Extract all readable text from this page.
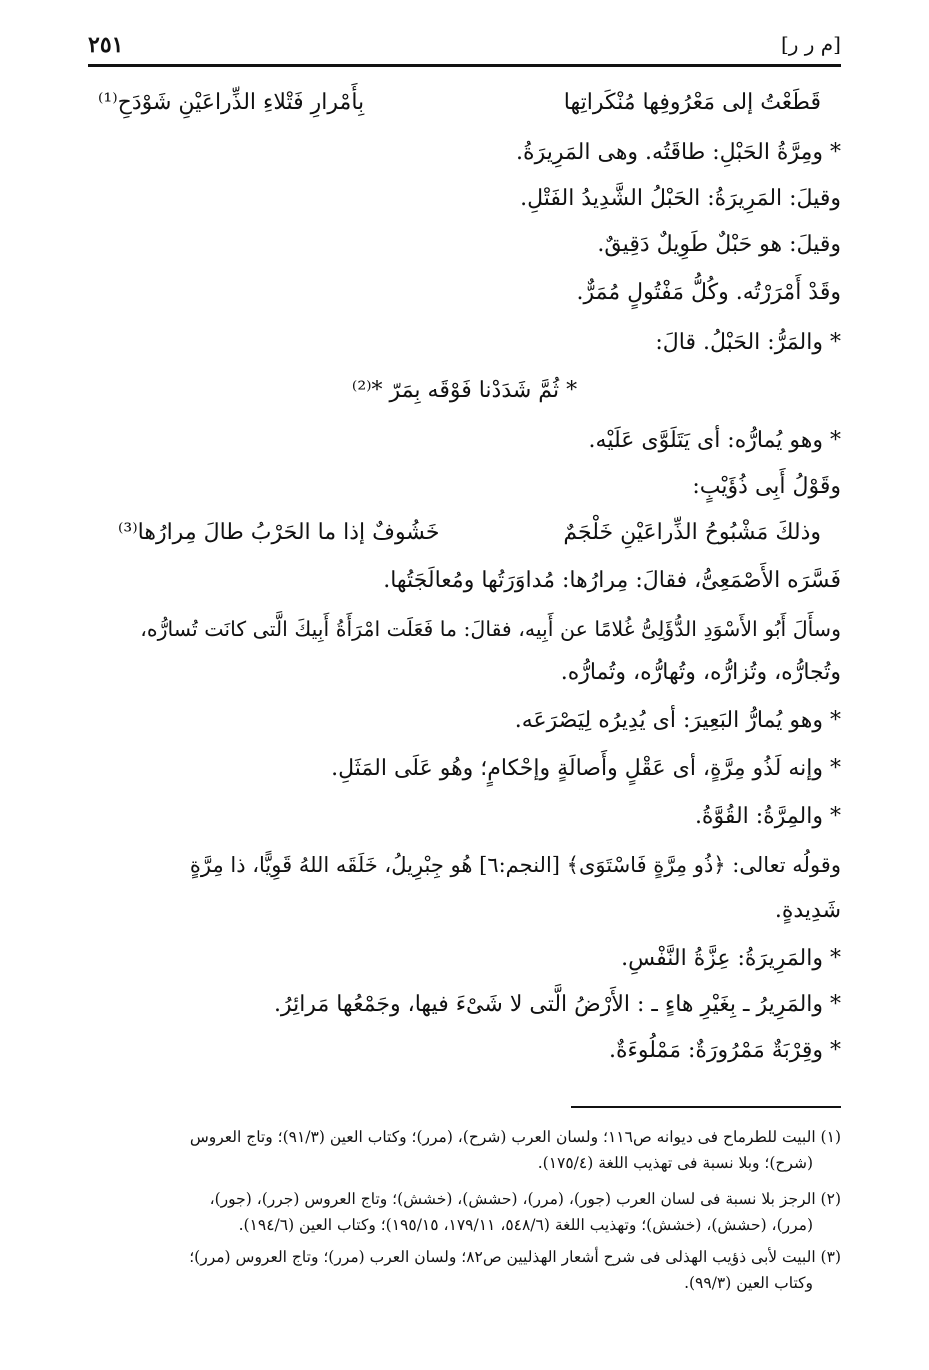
[م ر ر]
٢٥١
قَطَعْتُ إلى مَعْرُوفِها مُنْكَراتِها
بِأَمْرارِ فَتْلاءِ الذِّراعَيْنِ شَوْدَحِ⁽¹⁾
* ومِرَّةُ الحَبْلِ: طاقَتُه. وهى المَرِيرَةُ.
وقيلَ: المَرِيرَةُ: الحَبْلُ الشَّدِيدُ الفَتْلِ.
وقيلَ: هو حَبْلٌ طَوِيلٌ دَقِيقٌ.
وقَدْ أَمْرَرْتُه. وكُلُّ مَفْتُولٍ مُمَرٌّ.
* والمَرُّ: الحَبْلُ. قالَ:
* ثُمَّ شَدَدْنا فَوْقَه بِمَرّ *⁽²⁾
* وهو يُمارُّه: أى يَتَلَوَّى عَلَيْه.
وقَوْلُ أَبِى ذُؤَيْبٍ:
وذلكَ مَشْبُوحُ الذِّراعَيْنِ خَلْجَمٌ
خَشُوفٌ إذا ما الحَرْبُ طالَ مِرارُها⁽³⁾
فَسَّرَه الأَصْمَعِىُّ، فقالَ: مِرارُها: مُداوَرَتُها ومُعالَجَتُها.
وسأَلَ أَبُو الأَسْوَدِ الدُّؤَلِىُّ غُلامًا عن أَبِيه، فقالَ: ما فَعَلَت امْرَأَةُ أَبِيكَ الَّتى كانَت تُسارُّه،
وتُجارُّه، وتُزارُّه، وتُهارُّه، وتُمارُّه.
* وهو يُمارُّ البَعِيرَ: أى يُدِيرُه لِيَصْرَعَه.
* وإنه لَذُو مِرَّةٍ، أى عَقْلٍ وأَصالَةٍ وإحْكامٍ؛ وهُو عَلَى المَثَلِ.
* والمِرَّةُ: القُوَّةُ.
وقولُه تعالى: ﴿ذُو مِرَّةٍ فَاسْتَوَى﴾ [النجم:٦] هُو جِبْرِيلُ، خَلَقَه اللهُ قَوِيًّا، ذا مِرَّةٍ
شَدِيدةٍ.
* والمَرِيرَةُ: عِزَّةُ النَّفْسِ.
* والمَرِيرُ ـ بِغَيْرِ هاءٍ ـ : الأَرْضُ الَّتى لا شَىْءَ فيها، وجَمْعُها مَرائِرُ.
* وقِرْبَةٌ مَمْرُورَةٌ: مَمْلُوءَةٌ.
(١) البيت للطرماح فى ديوانه ص١١٦؛ ولسان العرب (شرح)، (مرر)؛ وكتاب العين (٩١/٣)؛ وتاج العروس
(شرح)؛ وبلا نسبة فى تهذيب اللغة (١٧٥/٤).
(٢) الرجز بلا نسبة فى لسان العرب (جور)، (مرر)، (حشش)، (خشش)؛ وتاج العروس (جرر)، (جور)،
(مرر)، (حشش)، (خشش)؛ وتهذيب اللغة (٥٤٨/٦، ١٧٩/١١، ١٩٥/١٥)؛ وكتاب العين (١٩٤/٦).
(٣) البيت لأبى ذؤيب الهذلى فى شرح أشعار الهذليين ص٨٢؛ ولسان العرب (مرر)؛ وتاج العروس (مرر)؛
وكتاب العين (٩٩/٣).
